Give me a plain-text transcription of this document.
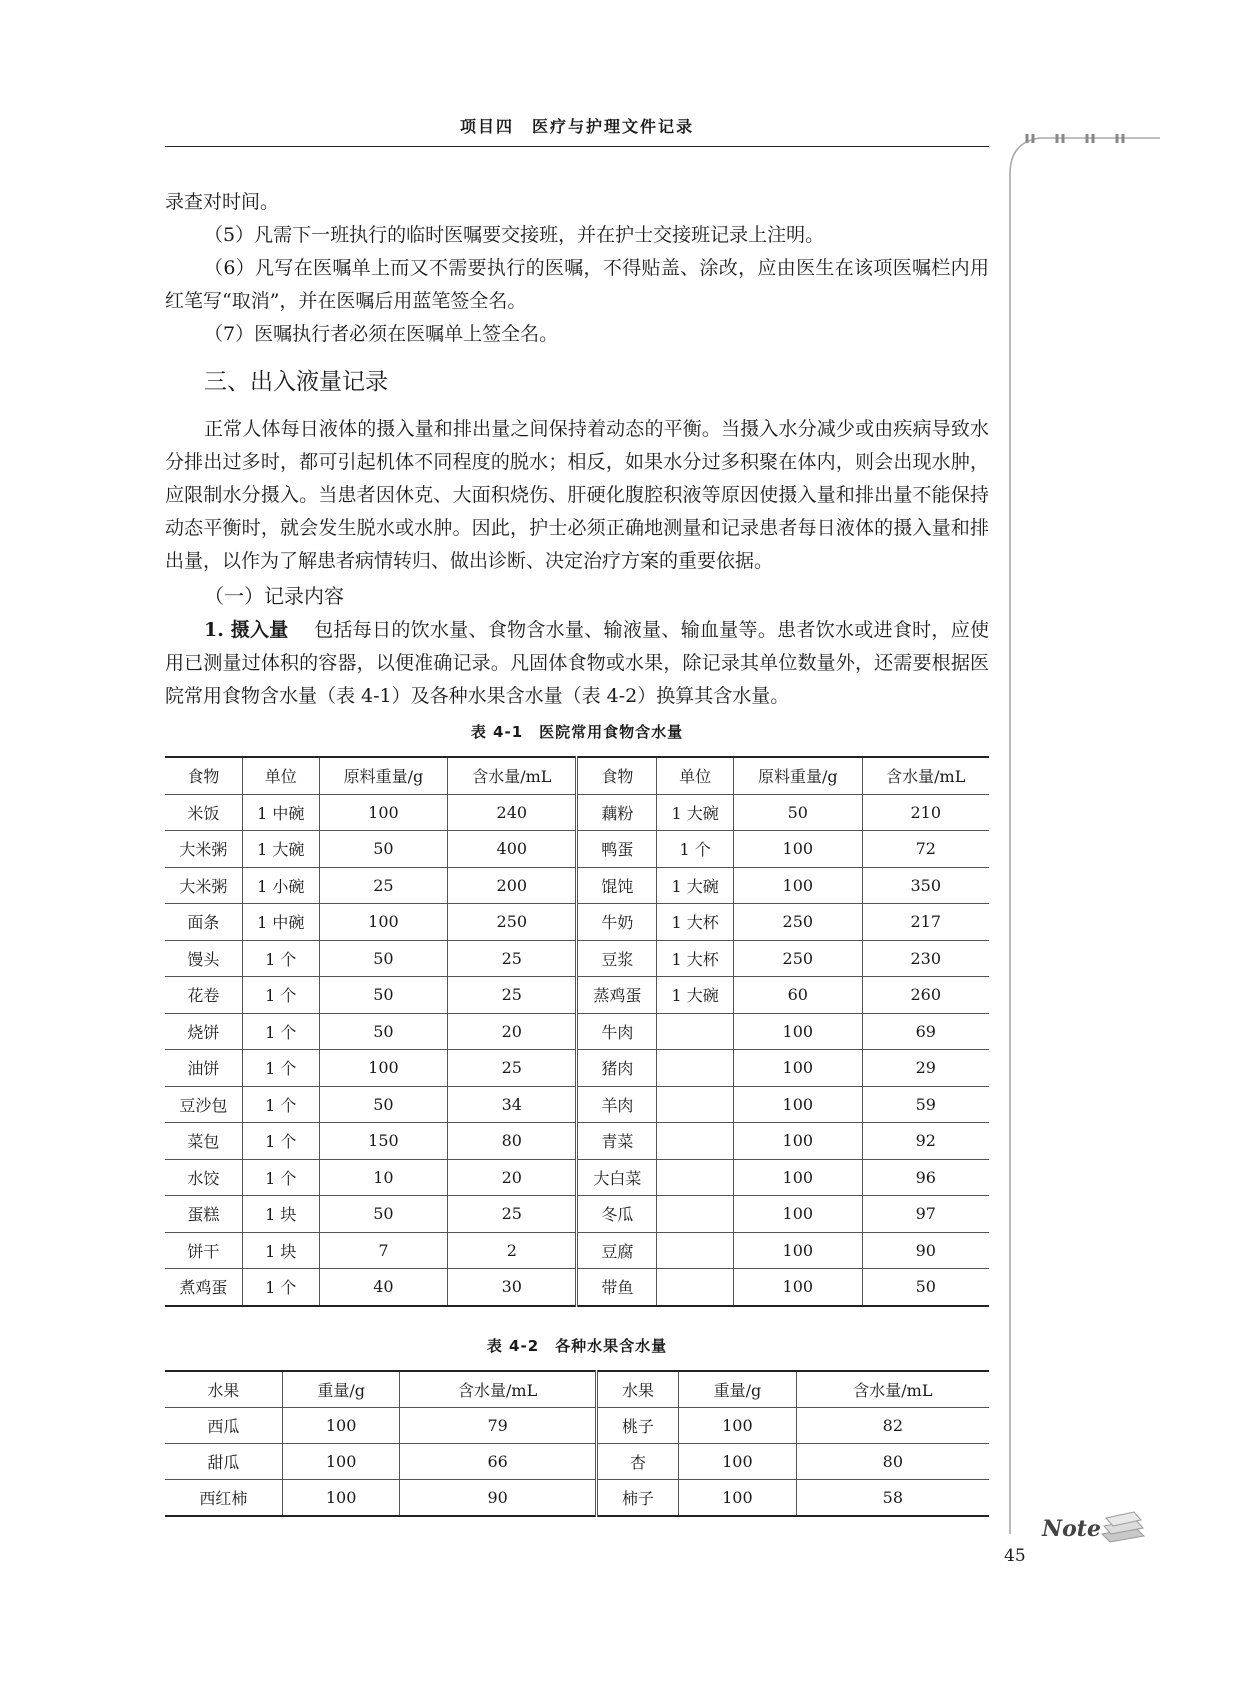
项目四　医疗与护理文件记录

录查对时间。

（5）凡需下一班执行的临时医嘱要交接班，并在护士交接班记录上注明。

（6）凡写在医嘱单上而又不需要执行的医嘱，不得贴盖、涂改，应由医生在该项医嘱栏内用红笔写“取消”，并在医嘱后用蓝笔签全名。

（7）医嘱执行者必须在医嘱单上签全名。

三、出入液量记录

正常人体每日液体的摄入量和排出量之间保持着动态的平衡。当摄入水分减少或由疾病导致水分排出过多时，都可引起机体不同程度的脱水；相反，如果水分过多积聚在体内，则会出现水肿，应限制水分摄入。当患者因休克、大面积烧伤、肝硬化腹腔积液等原因使摄入量和排出量不能保持动态平衡时，就会发生脱水或水肿。因此，护士必须正确地测量和记录患者每日液体的摄入量和排出量，以作为了解患者病情转归、做出诊断、决定治疗方案的重要依据。

（一）记录内容

1. 摄入量　 包括每日的饮水量、食物含水量、输液量、输血量等。患者饮水或进食时，应使用已测量过体积的容器，以便准确记录。凡固体食物或水果，除记录其单位数量外，还需要根据医院常用食物含水量（表 4-1）及各种水果含水量（表 4-2）换算其含水量。

表 4-1　医院常用食物含水量
食物	单位	原料重量/g	含水量/mL	食物	单位	原料重量/g	含水量/mL
米饭	1 中碗	100	240	藕粉	1 大碗	50	210
大米粥	1 大碗	50	400	鸭蛋	1 个	100	72
大米粥	1 小碗	25	200	馄饨	1 大碗	100	350
面条	1 中碗	100	250	牛奶	1 大杯	250	217
馒头	1 个	50	25	豆浆	1 大杯	250	230
花卷	1 个	50	25	蒸鸡蛋	1 大碗	60	260
烧饼	1 个	50	20	牛肉		100	69
油饼	1 个	100	25	猪肉		100	29
豆沙包	1 个	50	34	羊肉		100	59
菜包	1 个	150	80	青菜		100	92
水饺	1 个	10	20	大白菜		100	96
蛋糕	1 块	50	25	冬瓜		100	97
饼干	1 块	7	2	豆腐		100	90
煮鸡蛋	1 个	40	30	带鱼		100	50
表 4-2　各种水果含水量
水果	重量/g	含水量/mL	水果	重量/g	含水量/mL
西瓜	100	79	桃子	100	82
甜瓜	100	66	杏	100	80
西红柿	100	90	柿子	100	58
Note
45
